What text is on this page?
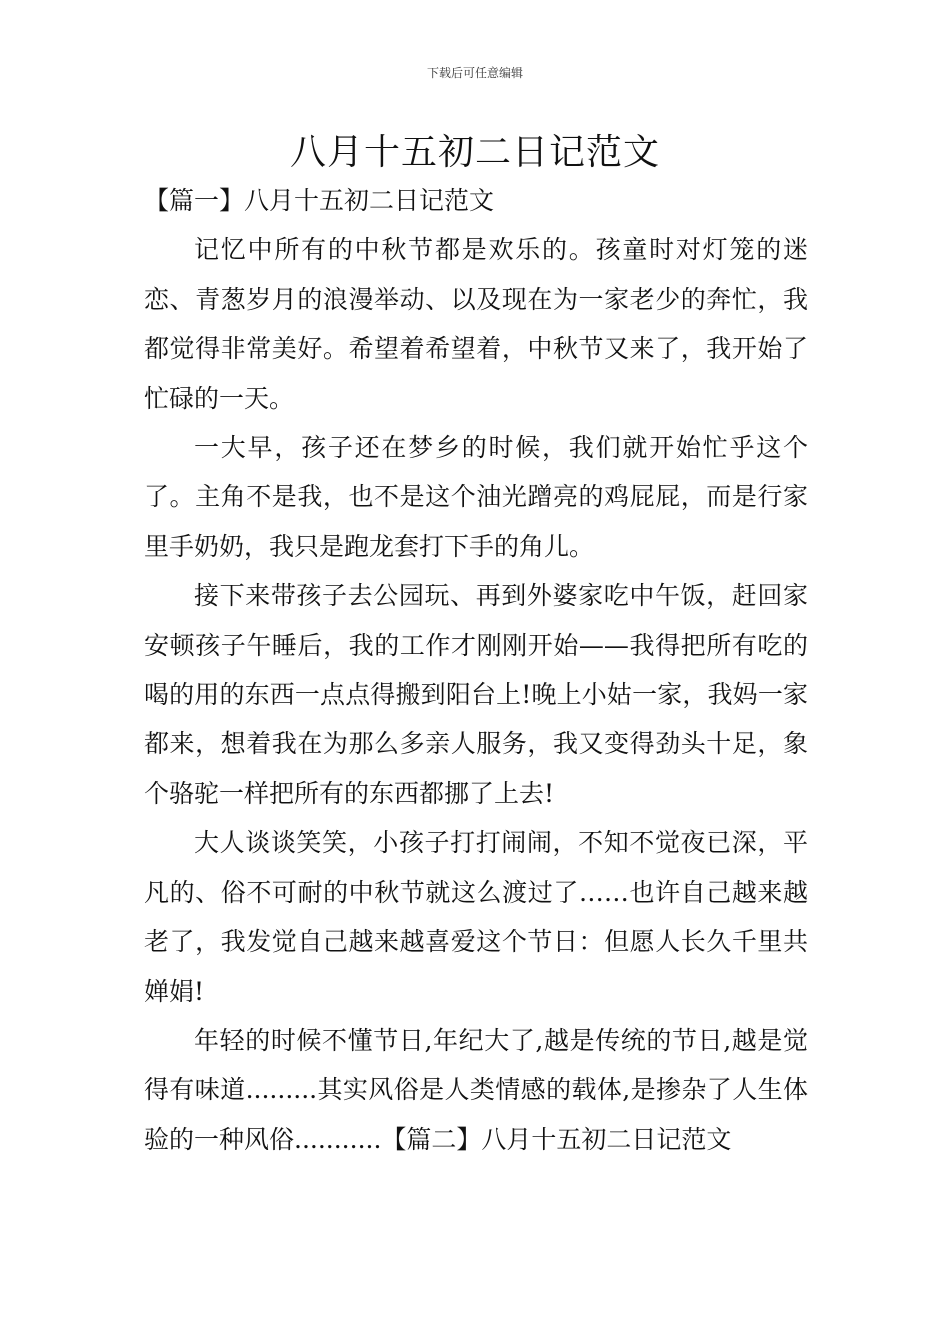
下载后可任意编辑
八月十五初二日记范文

【篇一】八月十五初二日记范文

记忆中所有的中秋节都是欢乐的。孩童时对灯笼的迷恋、青葱岁月的浪漫举动、以及现在为一家老少的奔忙，我都觉得非常美好。希望着希望着，中秋节又来了，我开始了忙碌的一天。

一大早，孩子还在梦乡的时候，我们就开始忙乎这个了。主角不是我，也不是这个油光蹭亮的鸡屁屁，而是行家里手奶奶，我只是跑龙套打下手的角儿。

接下来带孩子去公园玩、再到外婆家吃中午饭，赶回家安顿孩子午睡后，我的工作才刚刚开始——我得把所有吃的喝的用的东西一点点得搬到阳台上!晚上小姑一家，我妈一家都来，想着我在为那么多亲人服务，我又变得劲头十足，象个骆驼一样把所有的东西都挪了上去!

大人谈谈笑笑，小孩子打打闹闹，不知不觉夜已深，平凡的、俗不可耐的中秋节就这么渡过了……也许自己越来越老了，我发觉自己越来越喜爱这个节日：但愿人长久千里共婵娟!

年轻的时候不懂节日,年纪大了,越是传统的节日,越是觉得有味道.........其实风俗是人类情感的载体,是掺杂了人生体验的一种风俗...........【篇二】八月十五初二日记范文
